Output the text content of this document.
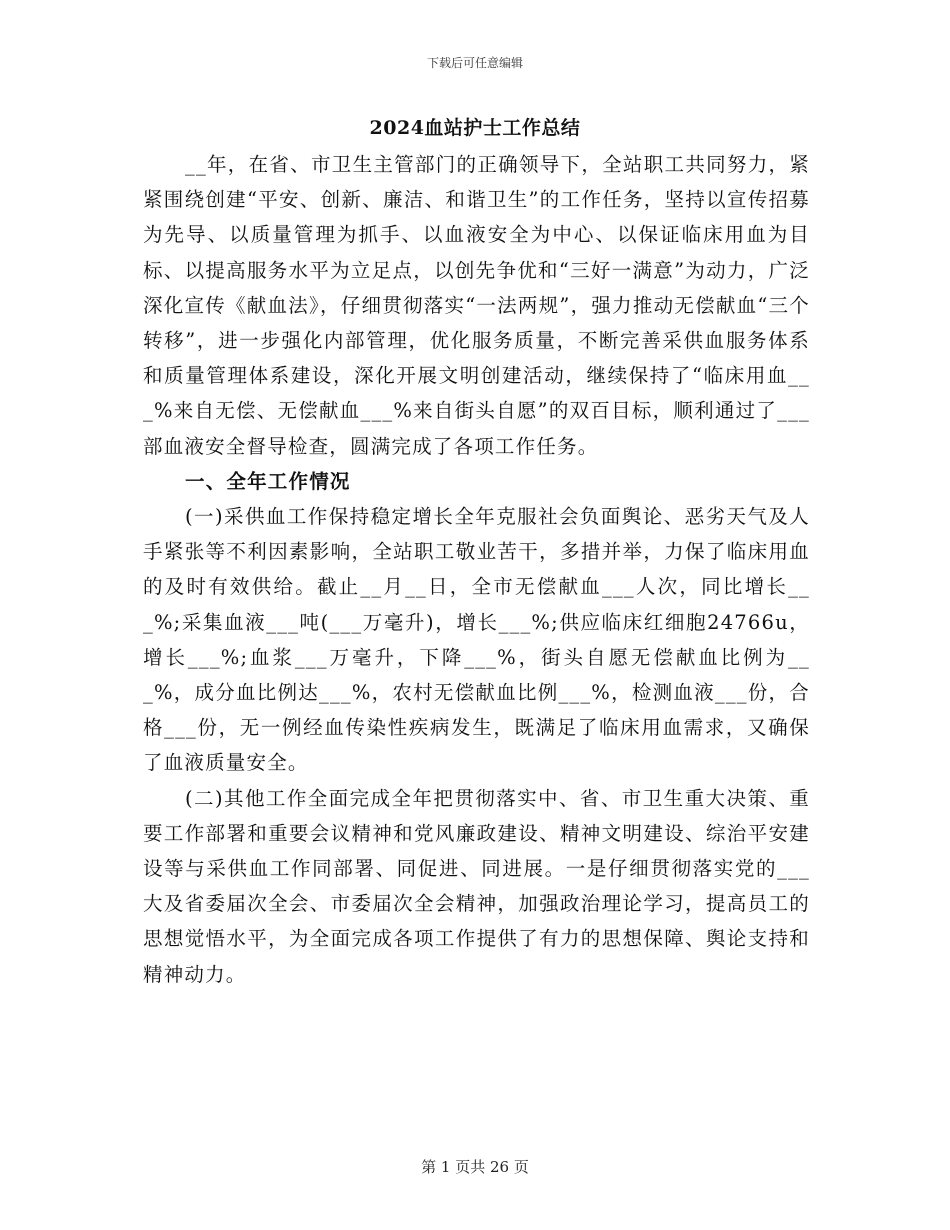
下载后可任意编辑
2024血站护士工作总结

__年，在省、市卫生主管部门的正确领导下，全站职工共同努力，紧紧围绕创建“平安、创新、廉洁、和谐卫生”的工作任务，坚持以宣传招募为先导、以质量管理为抓手、以血液安全为中心、以保证临床用血为目标、以提高服务水平为立足点，以创先争优和“三好一满意”为动力，广泛深化宣传《献血法》，仔细贯彻落实“一法两规”，强力推动无偿献血“三个转移”，进一步强化内部管理，优化服务质量，不断完善采供血服务体系和质量管理体系建设，深化开展文明创建活动，继续保持了“临床用血___%来自无偿、无偿献血___%来自街头自愿”的双百目标，顺利通过了___部血液安全督导检查，圆满完成了各项工作任务。

一、全年工作情况

(一)采供血工作保持稳定增长全年克服社会负面舆论、恶劣天气及人手紧张等不利因素影响，全站职工敬业苦干，多措并举，力保了临床用血的及时有效供给。截止__月__日，全市无偿献血___人次，同比增长___%;采集血液___吨(___万毫升)，增长___%;供应临床红细胞24766u，增长___%;血浆___万毫升，下降___%，街头自愿无偿献血比例为___%，成分血比例达___%，农村无偿献血比例___%，检测血液___份，合格___份，无一例经血传染性疾病发生，既满足了临床用血需求，又确保了血液质量安全。

(二)其他工作全面完成全年把贯彻落实中、省、市卫生重大决策、重要工作部署和重要会议精神和党风廉政建设、精神文明建设、综治平安建设等与采供血工作同部署、同促进、同进展。一是仔细贯彻落实党的___大及省委届次全会、市委届次全会精神，加强政治理论学习，提高员工的思想觉悟水平，为全面完成各项工作提供了有力的思想保障、舆论支持和精神动力。

第 1 页共 26 页
